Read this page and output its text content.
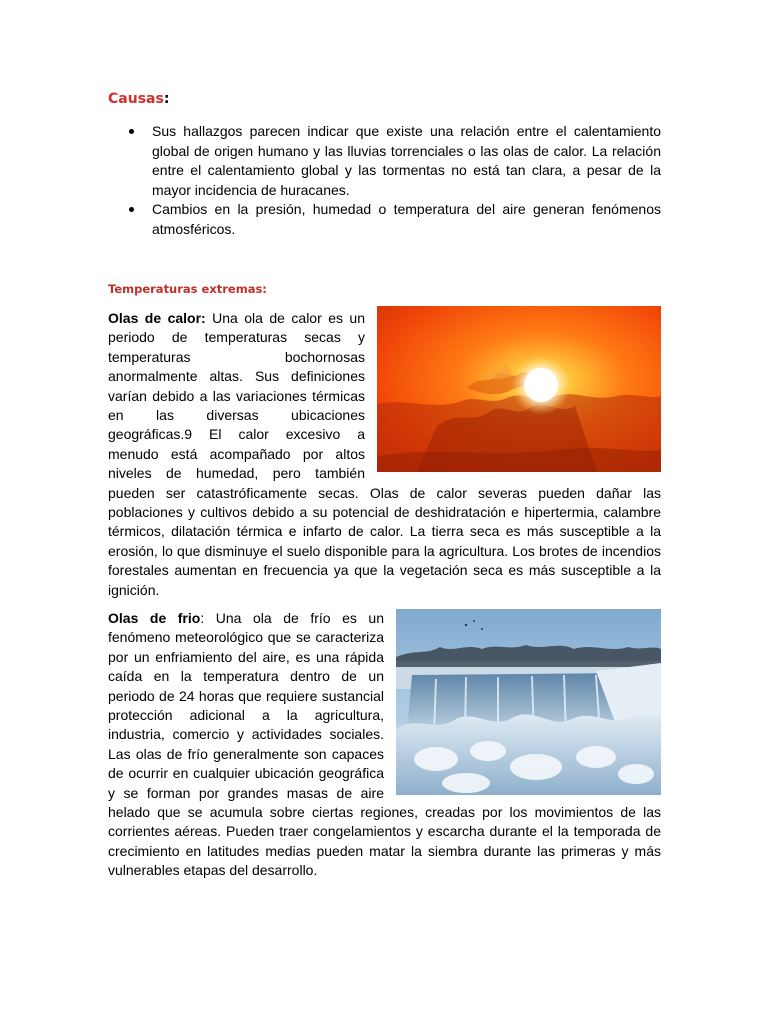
Causas:
Sus hallazgos parecen indicar que existe una relación entre el calentamiento global de origen humano y las lluvias torrenciales o las olas de calor. La relación entre el calentamiento global y las tormentas no está tan clara, a pesar de la mayor incidencia de huracanes.
Cambios en la presión, humedad o temperatura del aire generan fenómenos atmosféricos.
Temperaturas extremas:

Olas de calor: Una ola de calor es un periodo de temperaturas secas y temperaturas bochornosas anormalmente altas. Sus definiciones varían debido a las variaciones térmicas en las diversas ubicaciones geográficas.9 El calor excesivo a menudo está acompañado por altos niveles de humedad, pero también pueden ser catastróficamente secas. Olas de calor severas pueden dañar las poblaciones y cultivos debido a su potencial de deshidratación e hipertermia, calambre térmicos, dilatación térmica e infarto de calor. La tierra seca es más susceptible a la erosión, lo que disminuye el suelo disponible para la agricultura. Los brotes de incendios forestales aumentan en frecuencia ya que la vegetación seca es más susceptible a la ignición.

Olas de frio: Una ola de frío es un fenómeno meteorológico que se caracteriza por un enfriamiento del aire, es una rápida caída en la temperatura dentro de un periodo de 24 horas que requiere sustancial protección adicional a la agricultura, industria, comercio y actividades sociales. Las olas de frío generalmente son capaces de ocurrir en cualquier ubicación geográfica y se forman por grandes masas de aire helado que se acumula sobre ciertas regiones, creadas por los movimientos de las corrientes aéreas. Pueden traer congelamientos y escarcha durante el la temporada de crecimiento en latitudes medias pueden matar la siembra durante las primeras y más vulnerables etapas del desarrollo.
